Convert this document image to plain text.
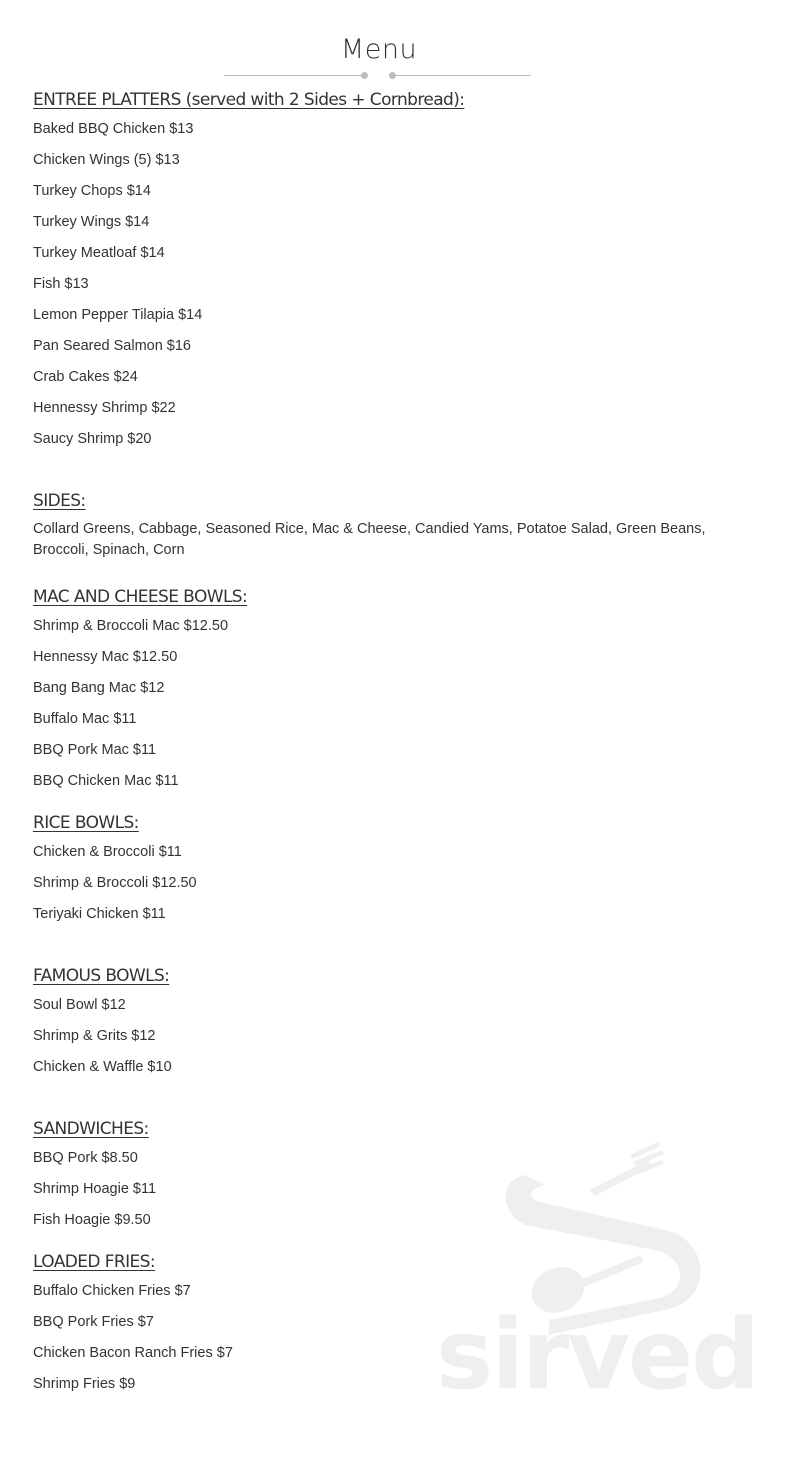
Menu
ENTREE PLATTERS (served with 2 Sides + Cornbread):
Baked BBQ Chicken $13
Chicken Wings (5) $13
Turkey Chops $14
Turkey Wings $14
Turkey Meatloaf $14
Fish $13
Lemon Pepper Tilapia $14
Pan Seared Salmon $16
Crab Cakes $24
Hennessy Shrimp $22
Saucy Shrimp $20
SIDES:
Collard Greens, Cabbage, Seasoned Rice, Mac & Cheese, Candied Yams, Potatoe Salad, Green Beans, Broccoli, Spinach, Corn
MAC AND CHEESE BOWLS:
Shrimp & Broccoli Mac $12.50
Hennessy Mac $12.50
Bang Bang Mac $12
Buffalo Mac $11
BBQ Pork Mac $11
BBQ Chicken Mac $11
RICE BOWLS:
Chicken & Broccoli $11
Shrimp & Broccoli $12.50
Teriyaki Chicken $11
FAMOUS BOWLS:
Soul Bowl $12
Shrimp & Grits $12
Chicken & Waffle $10
SANDWICHES:
BBQ Pork $8.50
Shrimp Hoagie $11
Fish Hoagie $9.50
LOADED FRIES:
Buffalo Chicken Fries $7
BBQ Pork Fries $7
Chicken Bacon Ranch Fries $7
Shrimp Fries $9	sirved
